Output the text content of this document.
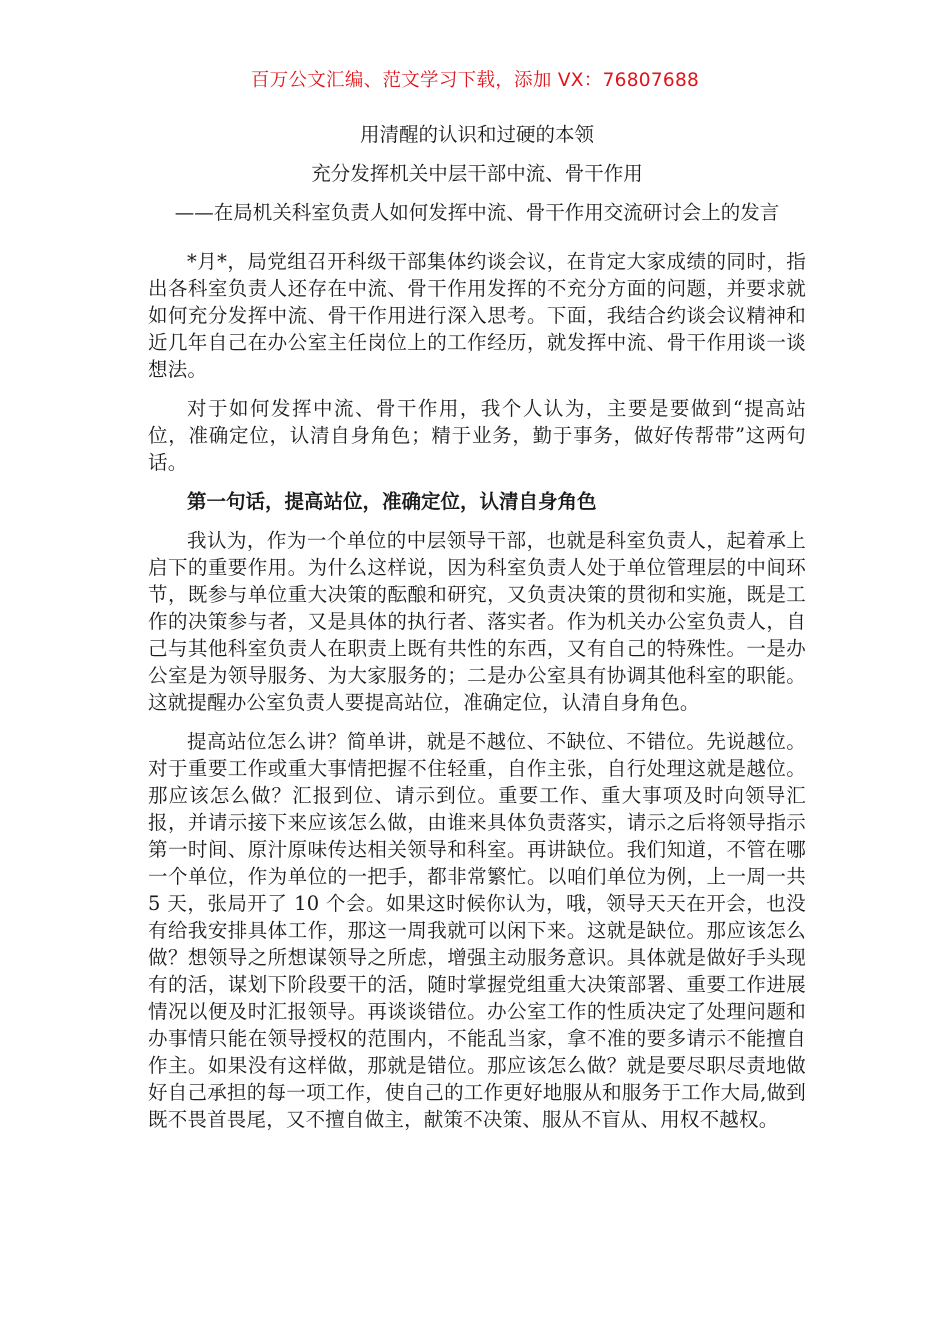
百万公文汇编、范文学习下载，添加 VX：76807688

用清醒的认识和过硬的本领

充分发挥机关中层干部中流、骨干作用

——在局机关科室负责人如何发挥中流、骨干作用交流研讨会上的发言

*月*，局党组召开科级干部集体约谈会议，在肯定大家成绩的同时，指出各科室负责人还存在中流、骨干作用发挥的不充分方面的问题，并要求就如何充分发挥中流、骨干作用进行深入思考。下面，我结合约谈会议精神和近几年自己在办公室主任岗位上的工作经历，就发挥中流、骨干作用谈一谈想法。

对于如何发挥中流、骨干作用，我个人认为，主要是要做到“提高站位，准确定位，认清自身角色；精于业务，勤于事务，做好传帮带”这两句话。

第一句话，提高站位，准确定位，认清自身角色

我认为，作为一个单位的中层领导干部，也就是科室负责人，起着承上启下的重要作用。为什么这样说，因为科室负责人处于单位管理层的中间环节，既参与单位重大决策的酝酿和研究，又负责决策的贯彻和实施，既是工作的决策参与者，又是具体的执行者、落实者。作为机关办公室负责人，自己与其他科室负责人在职责上既有共性的东西，又有自己的特殊性。一是办公室是为领导服务、为大家服务的；二是办公室具有协调其他科室的职能。这就提醒办公室负责人要提高站位，准确定位，认清自身角色。

提高站位怎么讲？简单讲，就是不越位、不缺位、不错位。先说越位。对于重要工作或重大事情把握不住轻重，自作主张，自行处理这就是越位。那应该怎么做？汇报到位、请示到位。重要工作、重大事项及时向领导汇报，并请示接下来应该怎么做，由谁来具体负责落实，请示之后将领导指示第一时间、原汁原味传达相关领导和科室。再讲缺位。我们知道，不管在哪一个单位，作为单位的一把手，都非常繁忙。以咱们单位为例，上一周一共 5 天，张局开了 10 个会。如果这时候你认为，哦，领导天天在开会，也没有给我安排具体工作，那这一周我就可以闲下来。这就是缺位。那应该怎么做？想领导之所想谋领导之所虑，增强主动服务意识。具体就是做好手头现有的活，谋划下阶段要干的活，随时掌握党组重大决策部署、重要工作进展情况以便及时汇报领导。再谈谈错位。办公室工作的性质决定了处理问题和办事情只能在领导授权的范围内，不能乱当家，拿不准的要多请示不能擅自作主。如果没有这样做，那就是错位。那应该怎么做？就是要尽职尽责地做好自己承担的每一项工作，使自己的工作更好地服从和服务于工作大局,做到既不畏首畏尾，又不擅自做主，献策不决策、服从不盲从、用权不越权。
